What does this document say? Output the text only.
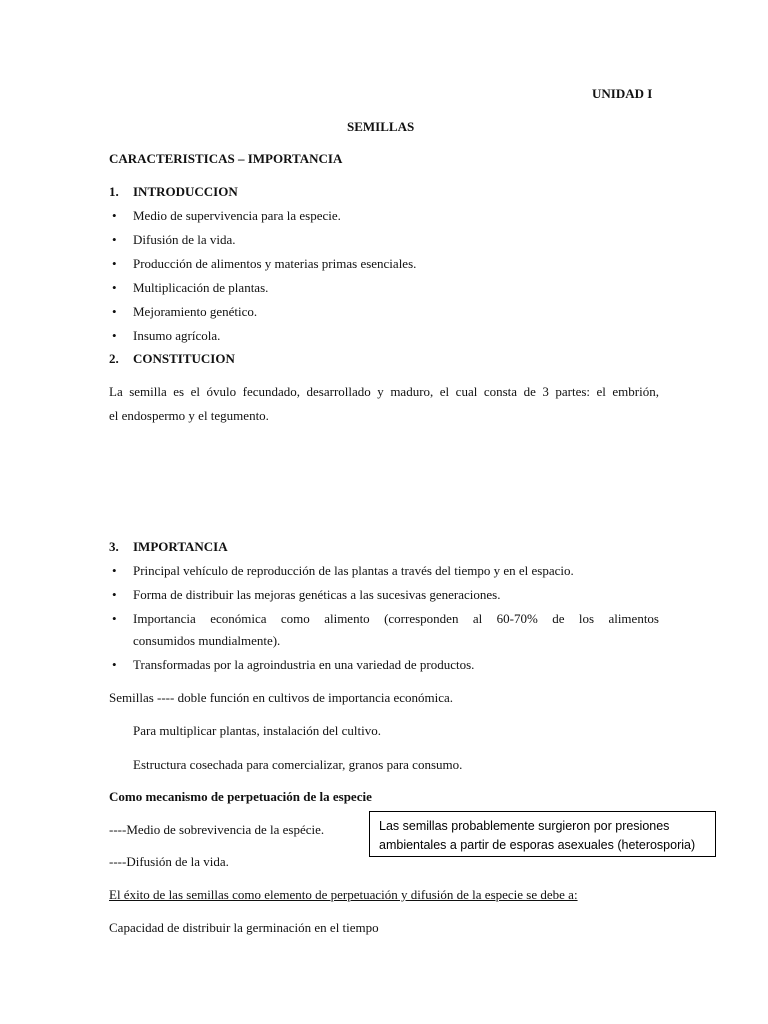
UNIDAD I
SEMILLAS
CARACTERISTICAS – IMPORTANCIA
1. INTRODUCCION
• Medio de supervivencia para la especie.
• Difusión de la vida.
• Producción de alimentos y materias primas esenciales.
• Multiplicación de plantas.
• Mejoramiento genético.
• Insumo agrícola.
2. CONSTITUCION
La semilla es el óvulo fecundado, desarrollado y maduro, el cual consta de 3 partes: el embrión,
el endospermo y el tegumento.
3. IMPORTANCIA
• Principal vehículo de reproducción de las plantas a través del tiempo y en el espacio.
• Forma de distribuir las mejoras genéticas a las sucesivas generaciones.
• Importancia económica como alimento (corresponden al 60-70% de los alimentos
consumidos mundialmente).
• Transformadas por la agroindustria en una variedad de productos.
Semillas ---- doble función en cultivos de importancia económica.
Para multiplicar plantas, instalación del cultivo.
Estructura cosechada para comercializar, granos para consumo.
Como mecanismo de perpetuación de la especie
----Medio de sobrevivencia de la espécie.
----Difusión de la vida.
El éxito de las semillas como elemento de perpetuación y difusión de la especie se debe a:
Capacidad de distribuir la germinación en el tiempo
Las semillas probablemente surgieron por presiones
ambientales a partir de esporas asexuales (heterosporia)
